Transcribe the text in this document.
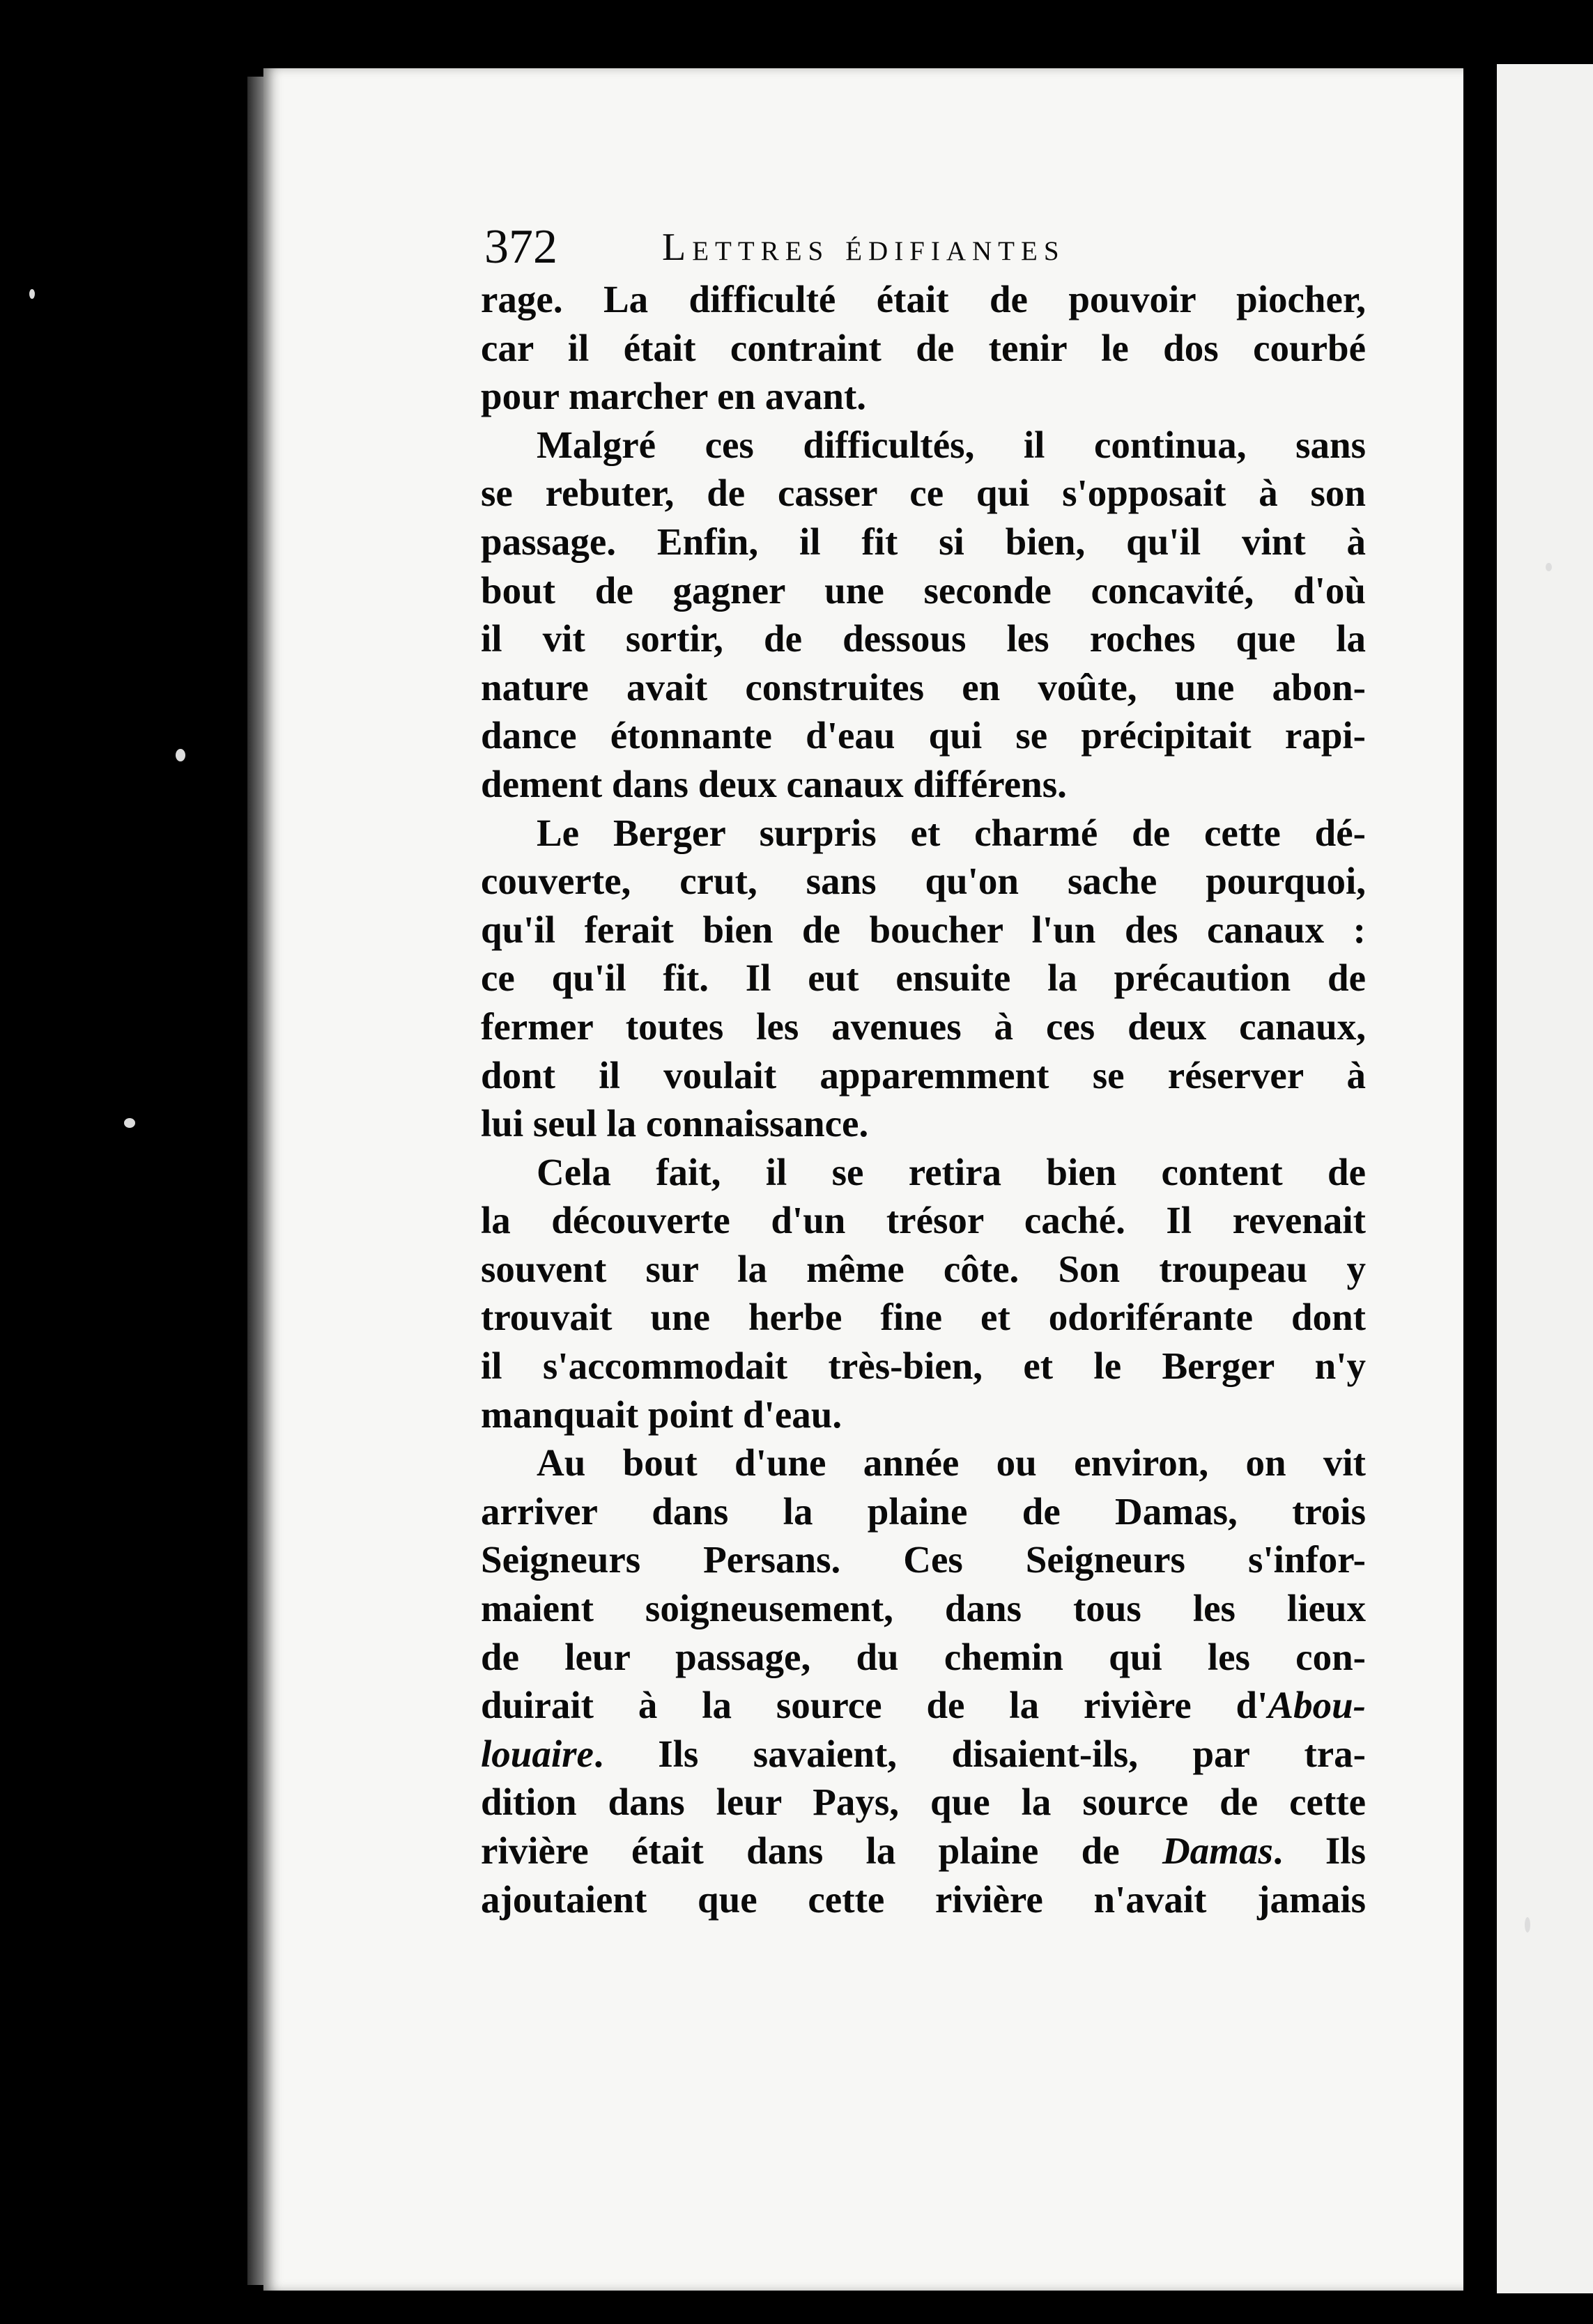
372	Lettres édifiantes
rage. La difficulté était de pouvoir piocher,
car il était contraint de tenir le dos courbé
pour marcher en avant.
Malgré ces difficultés, il continua, sans
se rebuter, de casser ce qui s'opposait à son
passage. Enfin, il fit si bien, qu'il vint à
bout de gagner une seconde concavité, d'où
il vit sortir, de dessous les roches que la
nature avait construites en voûte, une abon-
dance étonnante d'eau qui se précipitait rapi-
dement dans deux canaux différens.
Le Berger surpris et charmé de cette dé-
couverte, crut, sans qu'on sache pourquoi,
qu'il ferait bien de boucher l'un des canaux :
ce qu'il fit. Il eut ensuite la précaution de
fermer toutes les avenues à ces deux canaux,
dont il voulait apparemment se réserver à
lui seul la connaissance.
Cela fait, il se retira bien content de
la découverte d'un trésor caché. Il revenait
souvent sur la même côte. Son troupeau y
trouvait une herbe fine et odoriférante dont
il s'accommodait très-bien, et le Berger n'y
manquait point d'eau.
Au bout d'une année ou environ, on vit
arriver dans la plaine de Damas, trois
Seigneurs Persans. Ces Seigneurs s'infor-
maient soigneusement, dans tous les lieux
de leur passage, du chemin qui les con-
duirait à la source de la rivière d'Abou-
louaire. Ils savaient, disaient-ils, par tra-
dition dans leur Pays, que la source de cette
rivière était dans la plaine de Damas. Ils
ajoutaient que cette rivière n'avait jamais
